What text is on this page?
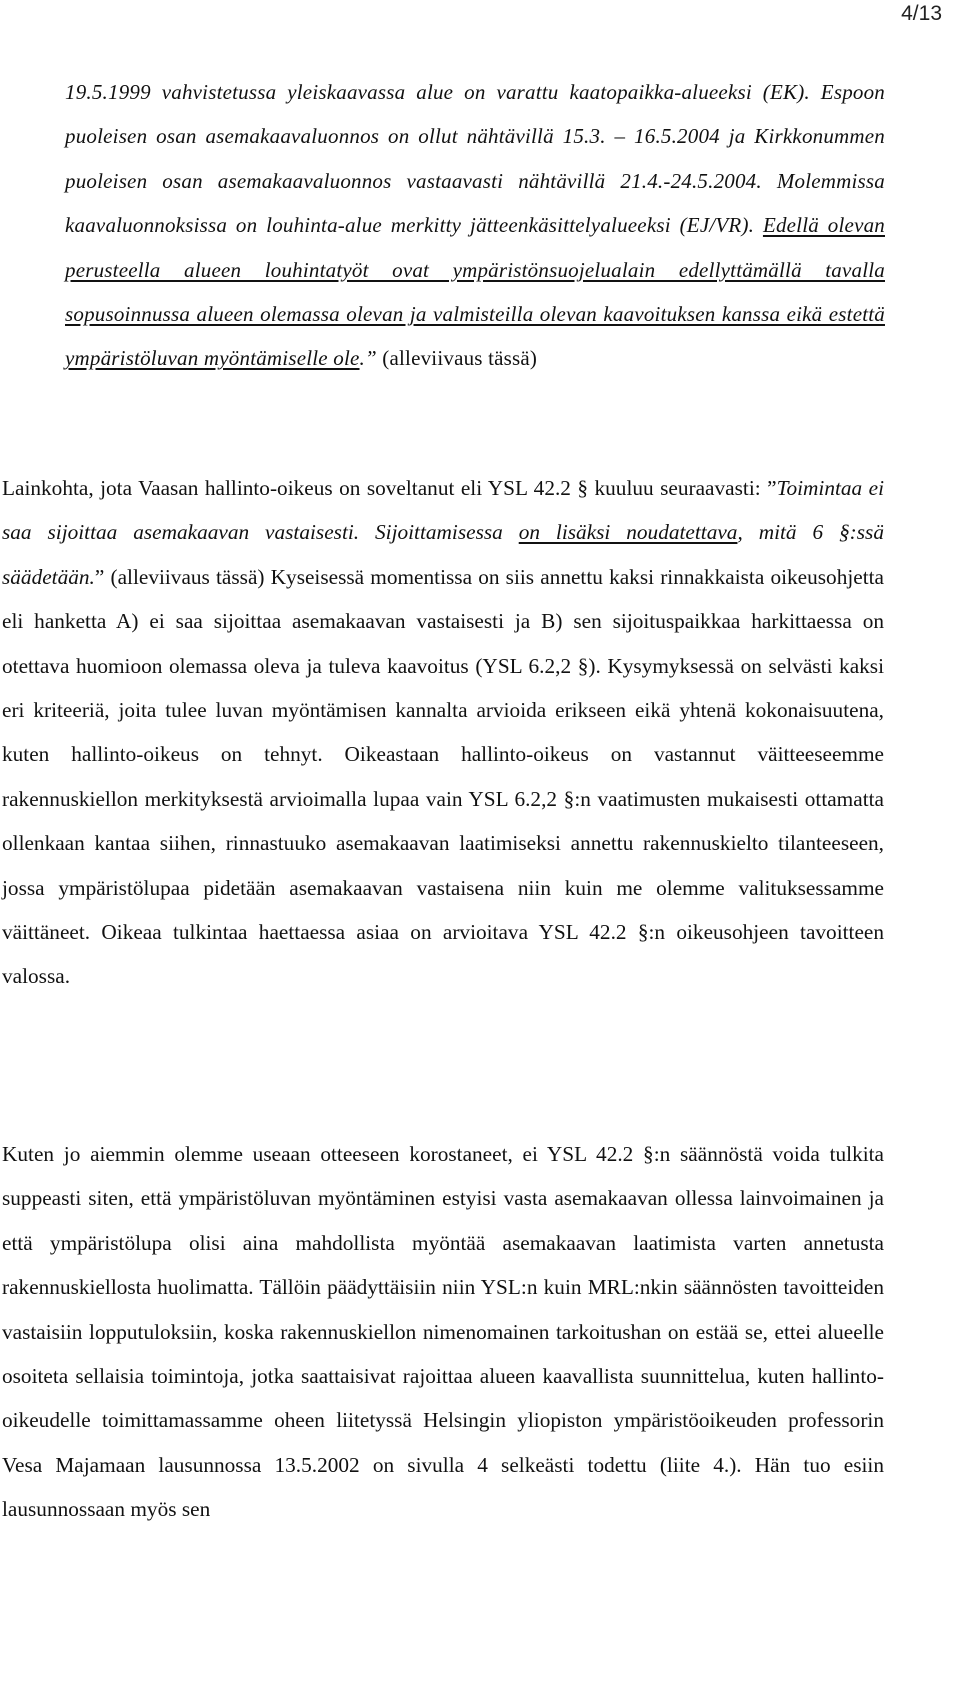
4/13
19.5.1999 vahvistetussa yleiskaavassa alue on varattu kaatopaikka-alueeksi (EK). Espoon puoleisen osan asemakaavaluonnos on ollut nähtävillä 15.3. – 16.5.2004 ja Kirkkonummen puoleisen osan asemakaavaluonnos vastaavasti nähtävillä 21.4.-24.5.2004. Molemmissa kaavaluonnoksissa on louhinta-alue merkitty jätteenkäsittelyalueeksi (EJ/VR). Edellä olevan perusteella alueen louhintatyöt ovat ympäristönsuojelualain edellyttämällä tavalla sopusoinnussa alueen olemassa olevan ja valmisteilla olevan kaavoituksen kanssa eikä estettä ympäristöluvan myöntämiselle ole.” (alleviivaus tässä)
Lainkohta, jota Vaasan hallinto-oikeus on soveltanut eli YSL 42.2 § kuuluu seuraavasti: ”Toimintaa ei saa sijoittaa asemakaavan vastaisesti. Sijoittamisessa on lisäksi noudatettava, mitä 6 §:ssä säädetään.” (alleviivaus tässä) Kyseisessä momentissa on siis annettu kaksi rinnakkaista oikeusohjetta eli hanketta A) ei saa sijoittaa asemakaavan vastaisesti ja B) sen sijoituspaikkaa harkittaessa on otettava huomioon olemassa oleva ja tuleva kaavoitus (YSL 6.2,2 §). Kysymyksessä on selvästi kaksi eri kriteeriä, joita tulee luvan myöntämisen kannalta arvioida erikseen eikä yhtenä kokonaisuutena, kuten hallinto-oikeus on tehnyt. Oikeastaan hallinto-oikeus on vastannut väitteeseemme rakennuskiellon merkityksestä arvioimalla lupaa vain YSL 6.2,2 §:n vaatimusten mukaisesti ottamatta ollenkaan kantaa siihen, rinnastuuko asemakaavan laatimiseksi annettu rakennuskielto tilanteeseen, jossa ympäristölupaa pidetään asemakaavan vastaisena niin kuin me olemme valituksessamme väittäneet. Oikeaa tulkintaa haettaessa asiaa on arvioitava YSL 42.2 §:n oikeusohjeen tavoitteen valossa.
Kuten jo aiemmin olemme useaan otteeseen korostaneet, ei YSL 42.2 §:n säännöstä voida tulkita suppeasti siten, että ympäristöluvan myöntäminen estyisi vasta asemakaavan ollessa lainvoimainen ja että ympäristölupa olisi aina mahdollista myöntää asemakaavan laatimista varten annetusta rakennuskiellosta huolimatta. Tällöin päädyttäisiin niin YSL:n kuin MRL:nkin säännösten tavoitteiden vastaisiin lopputuloksiin, koska rakennuskiellon nimenomainen tarkoitushan on estää se, ettei alueelle osoiteta sellaisia toimintoja, jotka saattaisivat rajoittaa alueen kaavallista suunnittelua, kuten hallinto-oikeudelle toimittamassamme oheen liitetyssä Helsingin yliopiston ympäristöoikeuden professorin Vesa Majamaan lausunnossa 13.5.2002 on sivulla 4 selkeästi todettu (liite 4.). Hän tuo esiin lausunnossaan myös sen
